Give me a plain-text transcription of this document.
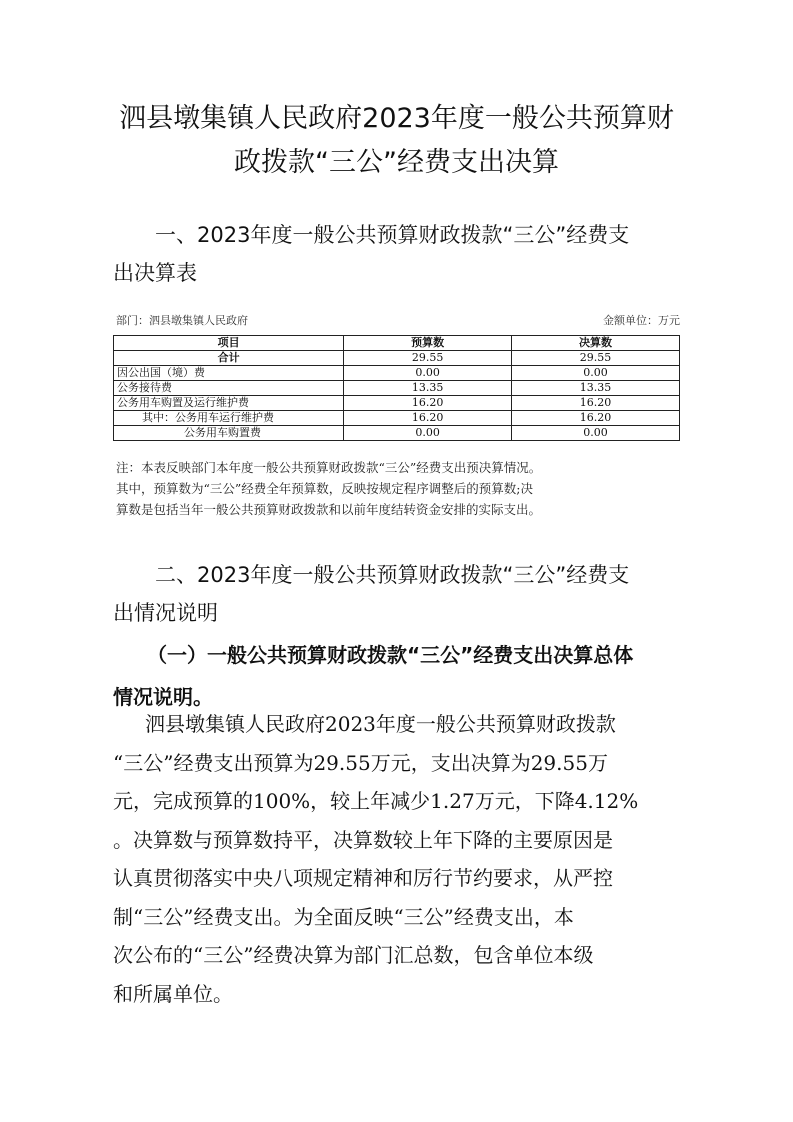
泗县墩集镇人民政府2023年度一般公共预算财
政拨款“三公”经费支出决算
一、2023年度一般公共预算财政拨款“三公”经费支
出决算表
部门：泗县墩集镇人民政府	金额单位：万元
项目	预算数	决算数
合计	29.55	29.55
因公出国（境）费	0.00	0.00
公务接待费	13.35	13.35
公务用车购置及运行维护费	16.20	16.20
其中：公务用车运行维护费	16.20	16.20
公务用车购置费	0.00	0.00
注：本表反映部门本年度一般公共预算财政拨款“三公”经费支出预决算情况。
其中，预算数为“三公”经费全年预算数，反映按规定程序调整后的预算数;决
算数是包括当年一般公共预算财政拨款和以前年度结转资金安排的实际支出。
二、2023年度一般公共预算财政拨款“三公”经费支
出情况说明
（一）一般公共预算财政拨款“三公”经费支出决算总体
情况说明。
泗县墩集镇人民政府2023年度一般公共预算财政拨款
“三公”经费支出预算为29.55万元，支出决算为29.55万
元，完成预算的100%，较上年减少1.27万元，下降4.12%
。决算数与预算数持平，决算数较上年下降的主要原因是
认真贯彻落实中央八项规定精神和厉行节约要求，从严控
制“三公”经费支出。为全面反映“三公”经费支出，本
次公布的“三公”经费决算为部门汇总数，包含单位本级
和所属单位。
